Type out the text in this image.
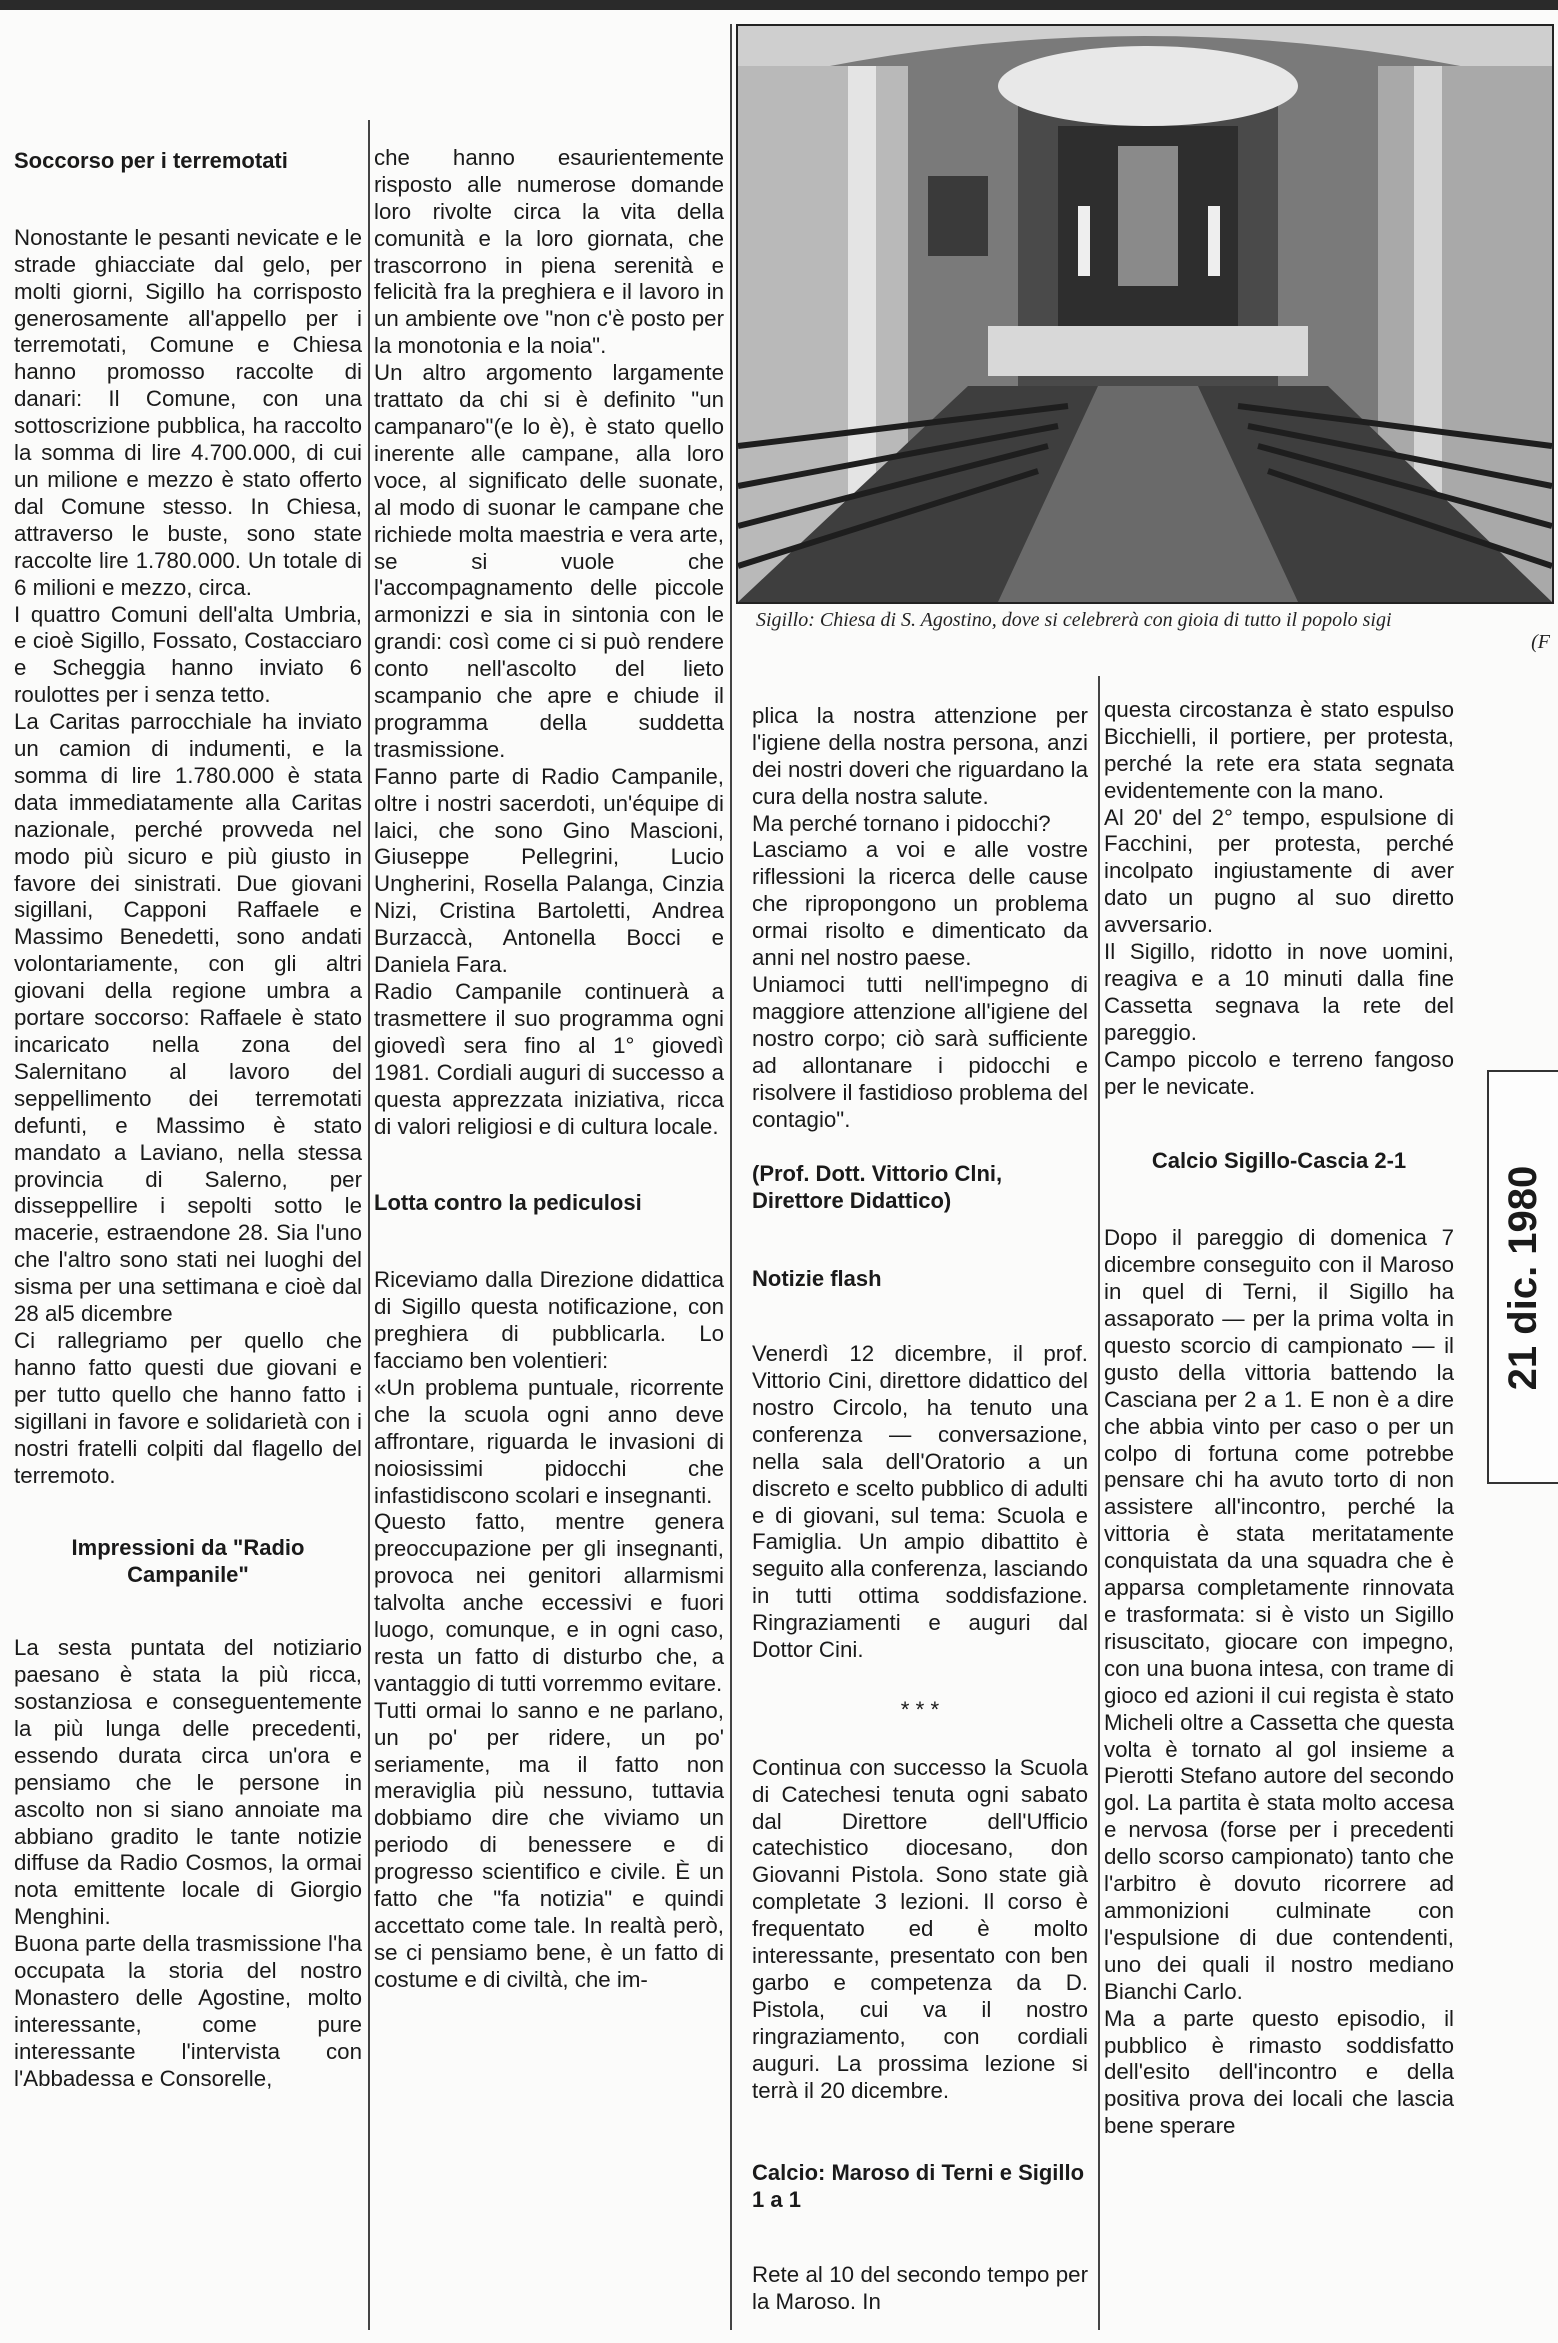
Soccorso per i terremotati

Nonostante le pesanti nevicate e le strade ghiacciate dal gelo, per molti giorni, Sigillo ha corrisposto generosamente all'appello per i terremotati, Comune e Chiesa hanno promosso raccolte di danari: Il Comune, con una sottoscrizione pubblica, ha raccolto la somma di lire 4.700.000, di cui un milione e mezzo è stato offerto dal Comune stesso. In Chiesa, attraverso le buste, sono state raccolte lire 1.780.000. Un totale di 6 milioni e mezzo, circa.
I quattro Comuni dell'alta Umbria, e cioè Sigillo, Fossato, Costacciaro e Scheggia hanno inviato 6 roulottes per i senza tetto.
La Caritas parrocchiale ha inviato un camion di indumenti, e la somma di lire 1.780.000 è stata data immediatamente alla Caritas nazionale, perché provveda nel modo più sicuro e più giusto in favore dei sinistrati. Due giovani sigillani, Capponi Raffaele e Massimo Benedetti, sono andati volontariamente, con gli altri giovani della regione umbra a portare soccorso: Raffaele è stato incaricato nella zona del Salernitano al lavoro del seppellimento dei terremotati defunti, e Massimo è stato mandato a Laviano, nella stessa provincia di Salerno, per disseppellire i sepolti sotto le macerie, estraendone 28. Sia l'uno che l'altro sono stati nei luoghi del sisma per una settimana e cioè dal 28 al5 dicembre
Ci rallegriamo per quello che hanno fatto questi due giovani e per tutto quello che hanno fatto i sigillani in favore e solidarietà con i nostri fratelli colpiti dal flagello del terremoto.

Impressioni da "Radio Campanile"

La sesta puntata del notiziario paesano è stata la più ricca, sostanziosa e conseguentemente la più lunga delle precedenti, essendo durata circa un'ora e pensiamo che le persone in ascolto non si siano annoiate ma abbiano gradito le tante notizie diffuse da Radio Cosmos, la ormai nota emittente locale di Giorgio Menghini.
Buona parte della trasmissione l'ha occupata la storia del nostro Monastero delle Agostine, molto interessante, come pure interessante l'intervista con l'Abbadessa e Consorelle,

che hanno esaurientemente risposto alle numerose domande loro rivolte circa la vita della comunità e la loro giornata, che trascorrono in piena serenità e felicità fra la preghiera e il lavoro in un ambiente ove "non c'è posto per la monotonia e la noia".
Un altro argomento largamente trattato da chi si è definito "un campanaro"(e lo è), è stato quello inerente alle campane, alla loro voce, al significato delle suonate, al modo di suonar le campane che richiede molta maestria e vera arte, se si vuole che l'accompagnamento delle piccole armonizzi e sia in sintonia con le grandi: così come ci si può rendere conto nell'ascolto del lieto scampanio che apre e chiude il programma della suddetta trasmissione.
Fanno parte di Radio Campanile, oltre i nostri sacerdoti, un'équipe di laici, che sono Gino Mascioni, Giuseppe Pellegrini, Lucio Ungherini, Rosella Palanga, Cinzia Nizi, Cristina Bartoletti, Andrea Burzaccà, Antonella Bocci e Daniela Fara.
Radio Campanile continuerà a trasmettere il suo programma ogni giovedì sera fino al 1° giovedì 1981. Cordiali auguri di successo a questa apprezzata iniziativa, ricca di valori religiosi e di cultura locale.

Lotta contro la pediculosi

Riceviamo dalla Direzione didattica di Sigillo questa notificazione, con preghiera di pubblicarla. Lo facciamo ben volentieri:
«Un problema puntuale, ricorrente che la scuola ogni anno deve affrontare, riguarda le invasioni di noiosissimi pidocchi che infastidiscono scolari e insegnanti.
Questo fatto, mentre genera preoccupazione per gli insegnanti, provoca nei genitori allarmismi talvolta anche eccessivi e fuori luogo, comunque, e in ogni caso, resta un fatto di disturbo che, a vantaggio di tutti vorremmo evitare.
Tutti ormai lo sanno e ne parlano, un po' per ridere, un po' seriamente, ma il fatto non meraviglia più nessuno, tuttavia dobbiamo dire che viviamo un periodo di benessere e di progresso scientifico e civile. È un fatto che "fa notizia" e quindi accettato come tale. In realtà però, se ci pensiamo bene, è un fatto di costume e di civiltà, che im-

Sigillo: Chiesa di S. Agostino, dove si celebrerà con gioia di tutto il popolo sigi
(F

plica la nostra attenzione per l'igiene della nostra persona, anzi dei nostri doveri che riguardano la cura della nostra salute.
Ma perché tornano i pidocchi?
Lasciamo a voi e alle vostre riflessioni la ricerca delle cause che ripropongono un problema ormai risolto e dimenticato da anni nel nostro paese.
Uniamoci tutti nell'impegno di maggiore attenzione all'igiene del nostro corpo; ciò sarà sufficiente ad allontanare i pidocchi e risolvere il fastidioso problema del contagio".

(Prof. Dott. Vittorio Clni, Direttore Didattico)

Notizie flash

Venerdì 12 dicembre, il prof. Vittorio Cini, direttore didattico del nostro Circolo, ha tenuto una conferenza — conversazione, nella sala dell'Oratorio a un discreto e scelto pubblico di adulti e di giovani, sul tema: Scuola e Famiglia. Un ampio dibattito è seguito alla conferenza, lasciando in tutti ottima soddisfazione. Ringraziamenti e auguri dal Dottor Cini.

* * *

Continua con successo la Scuola di Catechesi tenuta ogni sabato dal Direttore dell'Ufficio catechistico diocesano, don Giovanni Pistola. Sono state già completate 3 lezioni. Il corso è frequentato ed è molto interessante, presentato con ben garbo e competenza da D. Pistola, cui va il nostro ringraziamento, con cordiali auguri. La prossima lezione si terrà il 20 dicembre.

Calcio: Maroso di Terni e Sigillo 1 a 1

Rete al 10 del secondo tempo per la Maroso. In

questa circostanza è stato espulso Bicchielli, il portiere, per protesta, perché la rete era stata segnata evidentemente con la mano.
Al 20' del 2° tempo, espulsione di Facchini, per protesta, perché incolpato ingiustamente di aver dato un pugno al suo diretto avversario.
Il Sigillo, ridotto in nove uomini, reagiva e a 10 minuti dalla fine Cassetta segnava la rete del pareggio.
Campo piccolo e terreno fangoso per le nevicate.

Calcio Sigillo-Cascia 2-1

Dopo il pareggio di domenica 7 dicembre conseguito con il Maroso in quel di Terni, il Sigillo ha assaporato — per la prima volta in questo scorcio di campionato — il gusto della vittoria battendo la Casciana per 2 a 1. E non è a dire che abbia vinto per caso o per un colpo di fortuna come potrebbe pensare chi ha avuto torto di non assistere all'incontro, perché la vittoria è stata meritatamente conquistata da una squadra che è apparsa completamente rinnovata e trasformata: si è visto un Sigillo risuscitato, giocare con impegno, con una buona intesa, con trame di gioco ed azioni il cui regista è stato Micheli oltre a Cassetta che questa volta è tornato al gol insieme a Pierotti Stefano autore del secondo gol. La partita è stata molto accesa e nervosa (forse per i precedenti dello scorso campionato) tanto che l'arbitro è dovuto ricorrere ad ammonizioni culminate con l'espulsione di due contendenti, uno dei quali il nostro mediano Bianchi Carlo.
Ma a parte questo episodio, il pubblico è rimasto soddisfatto dell'esito dell'incontro e della positiva prova dei locali che lascia bene sperare

21 dic. 1980
